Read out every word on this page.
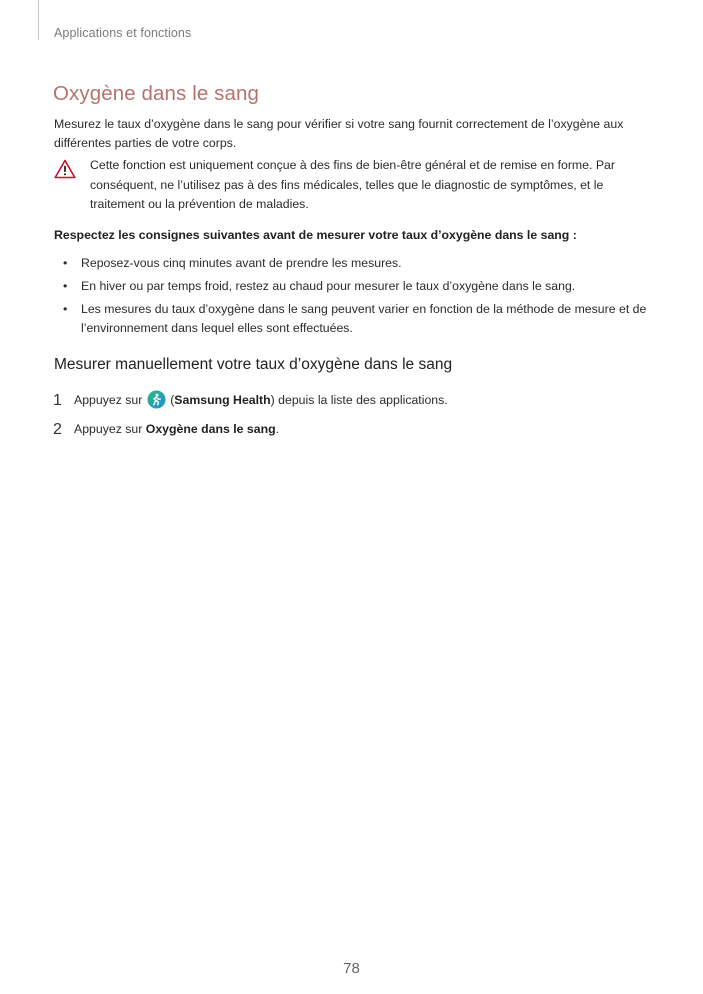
Applications et fonctions
Oxygène dans le sang

Mesurez le taux d’oxygène dans le sang pour vérifier si votre sang fournit correctement de l’oxygène aux différentes parties de votre corps.

Cette fonction est uniquement conçue à des fins de bien-être général et de remise en forme. Par conséquent, ne l’utilisez pas à des fins médicales, telles que le diagnostic de symptômes, et le traitement ou la prévention de maladies.

Respectez les consignes suivantes avant de mesurer votre taux d’oxygène dans le sang :

• Reposez-vous cinq minutes avant de prendre les mesures.
• En hiver ou par temps froid, restez au chaud pour mesurer le taux d’oxygène dans le sang.
• Les mesures du taux d’oxygène dans le sang peuvent varier en fonction de la méthode de mesure et de l’environnement dans lequel elles sont effectuées.
Mesurer manuellement votre taux d’oxygène dans le sang
1 Appuyez sur  (Samsung Health) depuis la liste des applications.
2 Appuyez sur Oxygène dans le sang.
78
